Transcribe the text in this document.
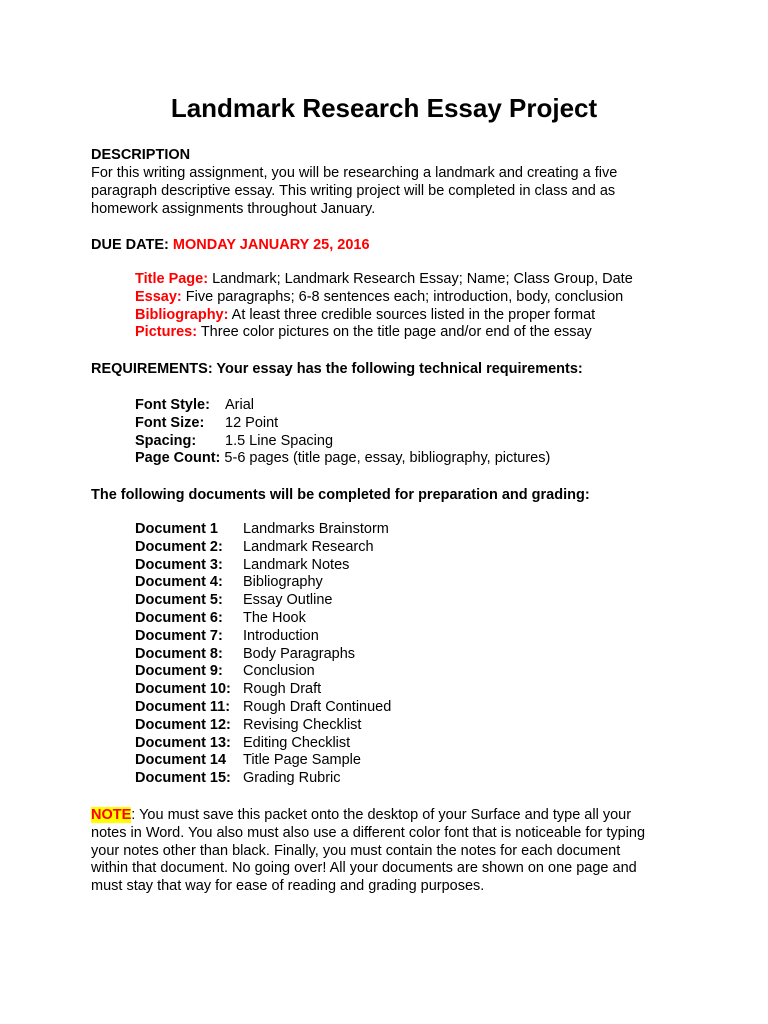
Landmark Research Essay Project
DESCRIPTION
For this writing assignment, you will be researching a landmark and creating a five
paragraph descriptive essay. This writing project will be completed in class and as
homework assignments throughout January.
DUE DATE: MONDAY JANUARY 25, 2016
Title Page: Landmark; Landmark Research Essay; Name; Class Group, Date
Essay: Five paragraphs; 6-8 sentences each; introduction, body, conclusion
Bibliography: At least three credible sources listed in the proper format
Pictures: Three color pictures on the title page and/or end of the essay
REQUIREMENTS: Your essay has the following technical requirements:
Font Style: Arial
Font Size: 12 Point
Spacing: 1.5 Line Spacing
Page Count: 5-6 pages (title page, essay, bibliography, pictures)
The following documents will be completed for preparation and grading:
Document 1 Landmarks Brainstorm
Document 2: Landmark Research
Document 3: Landmark Notes
Document 4: Bibliography
Document 5: Essay Outline
Document 6: The Hook
Document 7: Introduction
Document 8: Body Paragraphs
Document 9: Conclusion
Document 10: Rough Draft
Document 11: Rough Draft Continued
Document 12: Revising Checklist
Document 13: Editing Checklist
Document 14 Title Page Sample
Document 15: Grading Rubric
NOTE: You must save this packet onto the desktop of your Surface and type all your
notes in Word. You also must also use a different color font that is noticeable for typing
your notes other than black. Finally, you must contain the notes for each document
within that document. No going over! All your documents are shown on one page and
must stay that way for ease of reading and grading purposes.
